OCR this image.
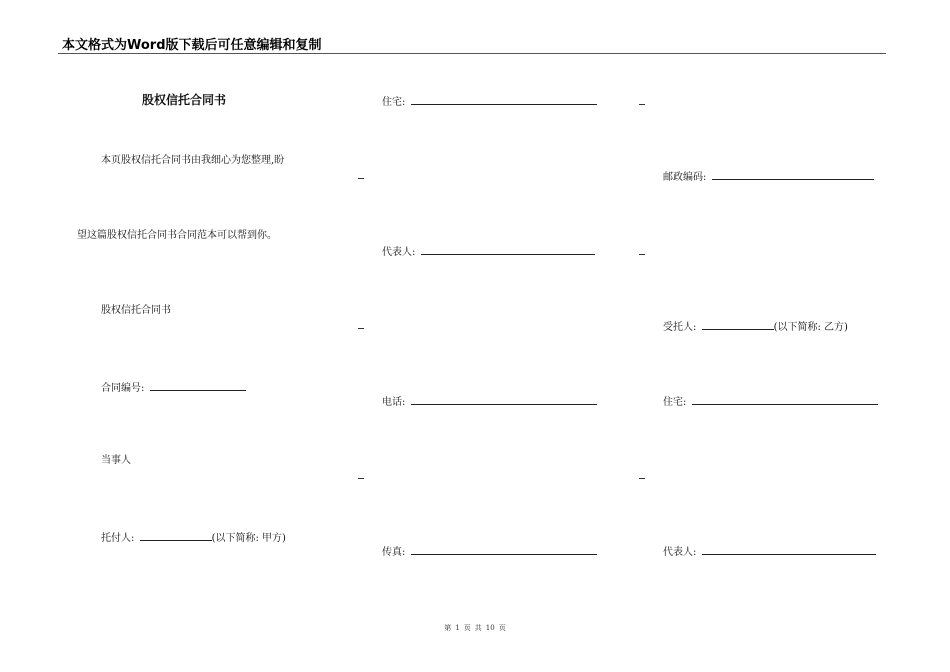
本文格式为Word版下载后可任意编辑和复制
股权信托合同书
本页股权信托合同书由我细心为您整理,盼
望这篇股权信托合同书合同范本可以帮到你。
股权信托合同书
合同编号:
当事人
托付人:	(以下简称: 甲方)
住宅:
代表人:
电话:
传真:
邮政编码:
受托人:	(以下简称: 乙方)
住宅:
代表人:
第 1 页 共 10 页
